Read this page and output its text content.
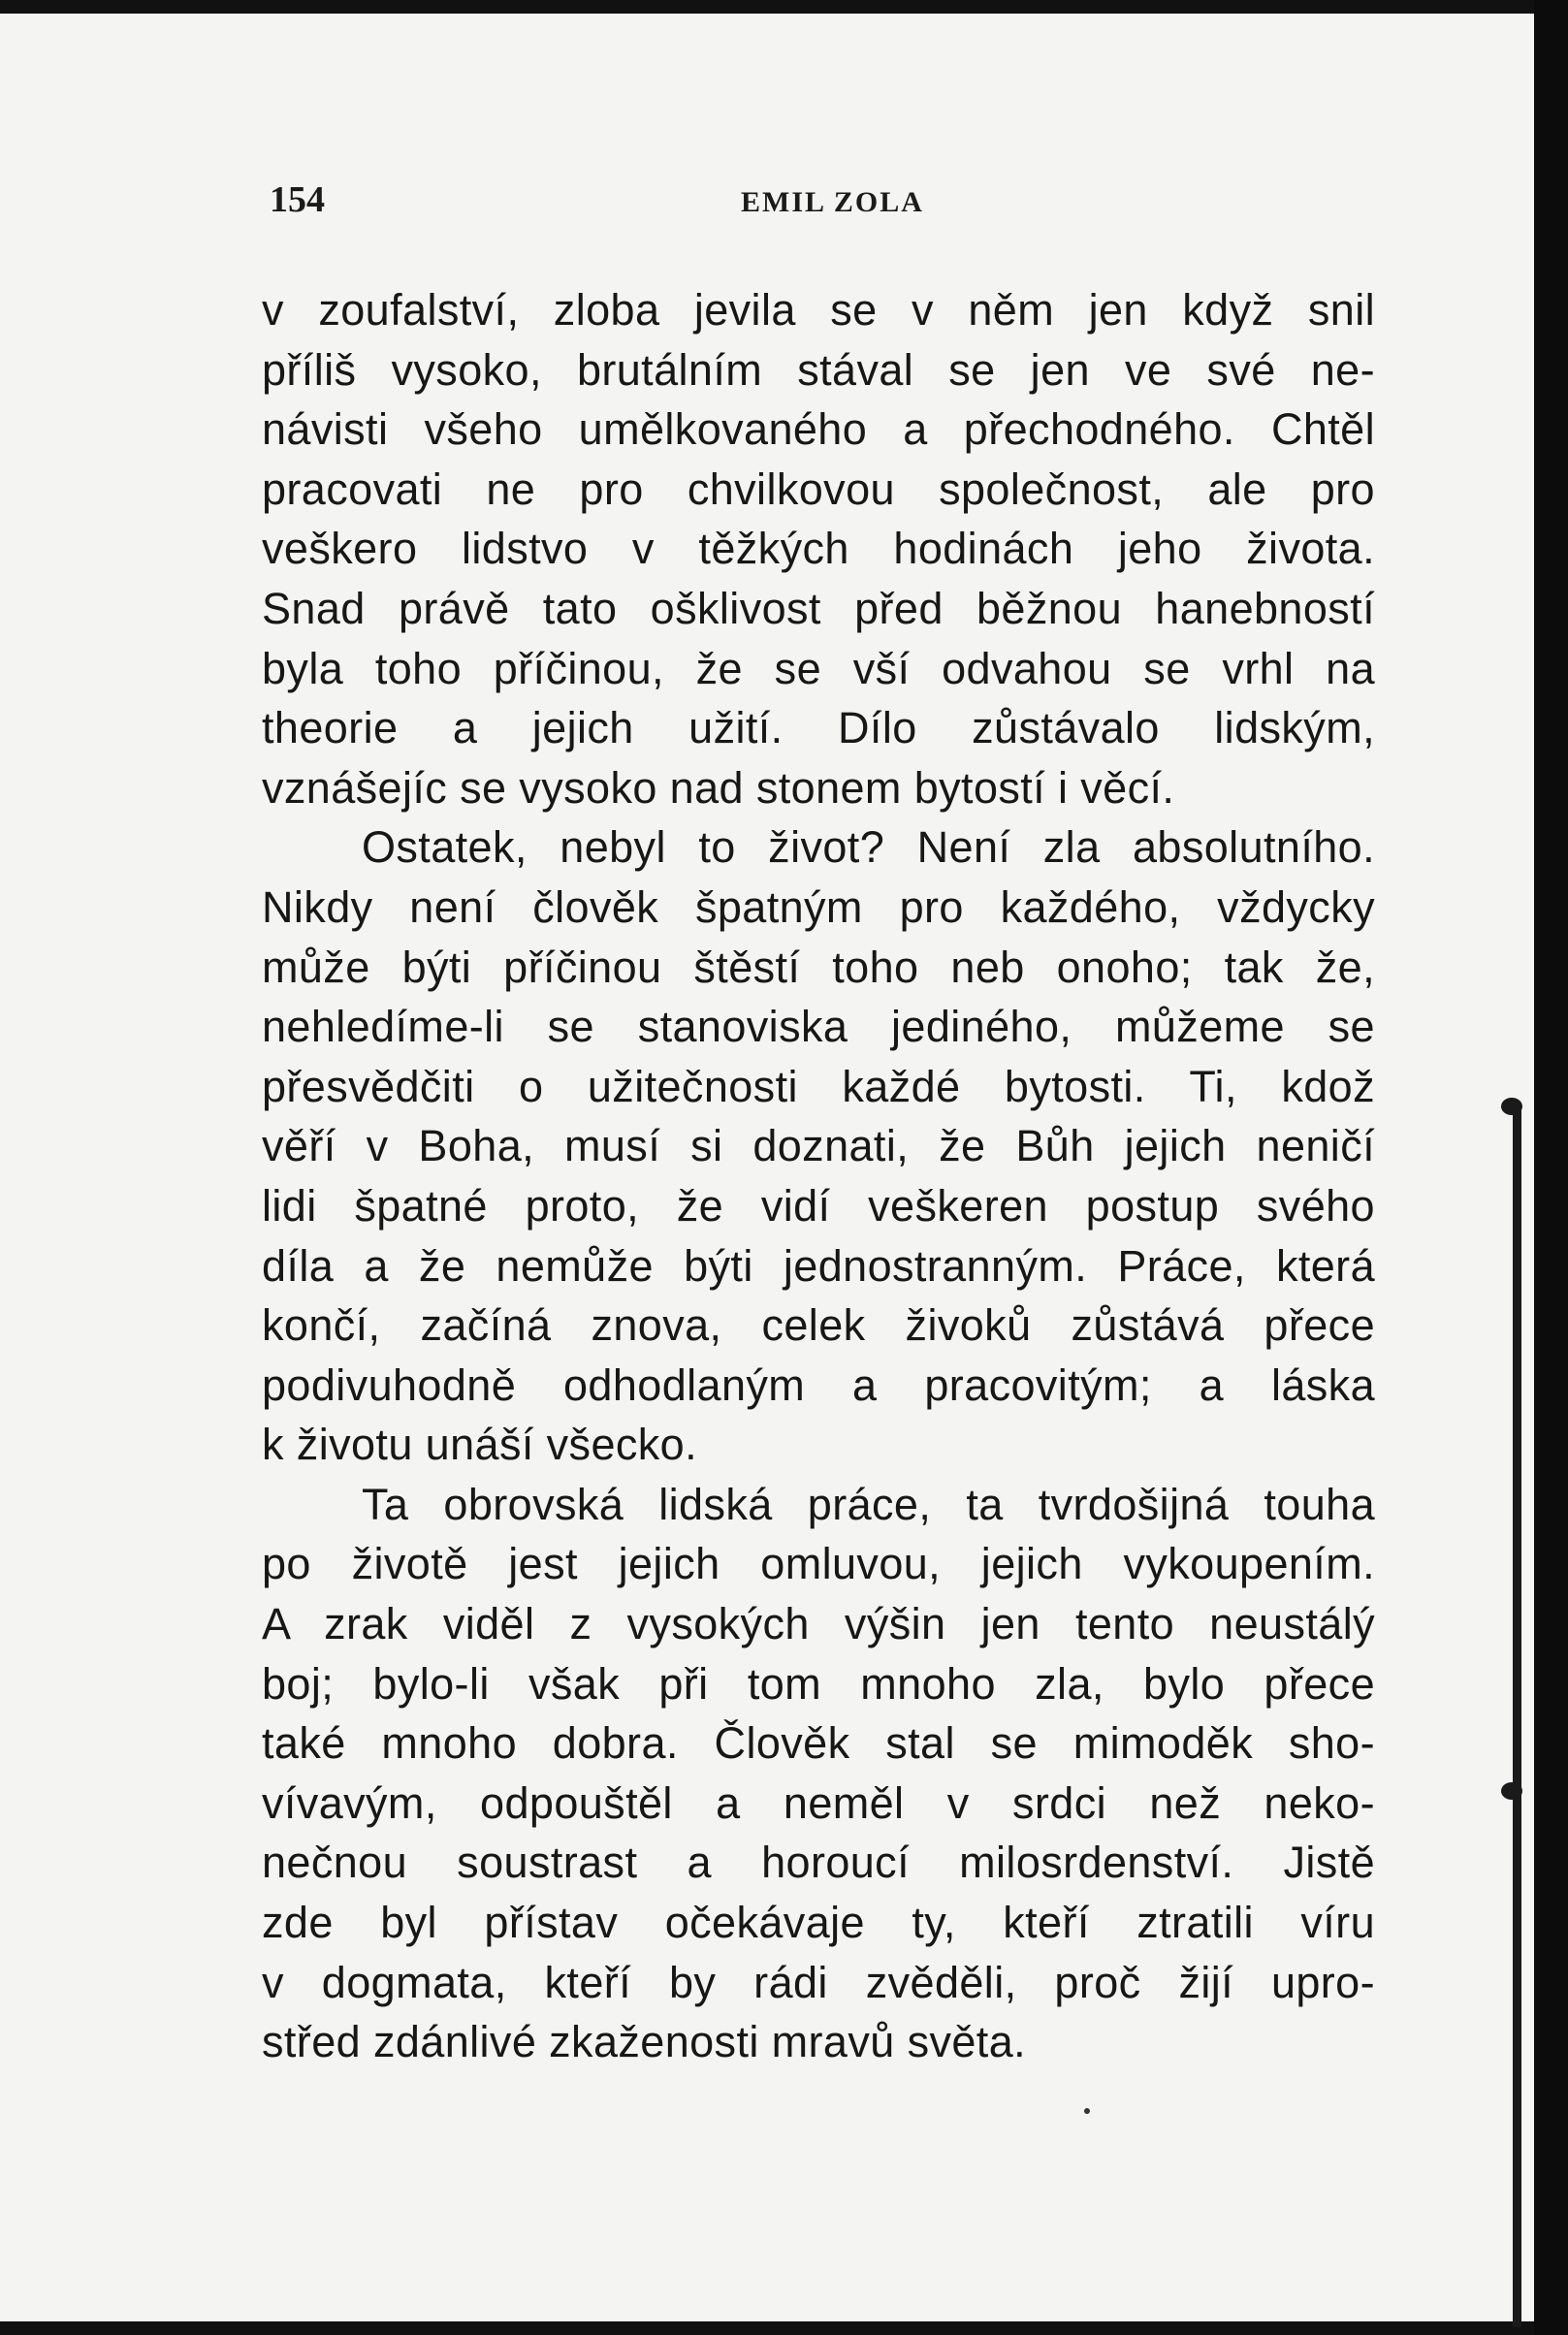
154	EMIL ZOLA
v zoufalství, zloba jevila se v něm jen když snil
příliš vysoko, brutálním stával se jen ve své ne-
návisti všeho umělkovaného a přechodného. Chtěl
pracovati ne pro chvilkovou společnost, ale pro
veškero lidstvo v těžkých hodinách jeho života.
Snad právě tato ošklivost před běžnou hanebností
byla toho příčinou, že se vší odvahou se vrhl na
theorie a jejich užití. Dílo zůstávalo lidským,
vznášejíc se vysoko nad stonem bytostí i věcí.
Ostatek, nebyl to život? Není zla absolutního.
Nikdy není člověk špatným pro každého, vždycky
může býti příčinou štěstí toho neb onoho; tak že,
nehledíme-li se stanoviska jediného, můžeme se
přesvědčiti o užitečnosti každé bytosti. Ti, kdož
věří v Boha, musí si doznati, že Bůh jejich neničí
lidi špatné proto, že vidí veškeren postup svého
díla a že nemůže býti jednostranným. Práce, která
končí, začíná znova, celek živoků zůstává přece
podivuhodně odhodlaným a pracovitým; a láska
k životu unáší všecko.
Ta obrovská lidská práce, ta tvrdošijná touha
po životě jest jejich omluvou, jejich vykoupením.
A zrak viděl z vysokých výšin jen tento neustálý
boj; bylo-li však při tom mnoho zla, bylo přece
také mnoho dobra. Člověk stal se mimoděk sho-
vívavým, odpouštěl a neměl v srdci než neko-
nečnou soustrast a horoucí milosrdenství. Jistě
zde byl přístav očekávaje ty, kteří ztratili víru
v dogmata, kteří by rádi zvěděli, proč žijí upro-
střed zdánlivé zkaženosti mravů světa.
